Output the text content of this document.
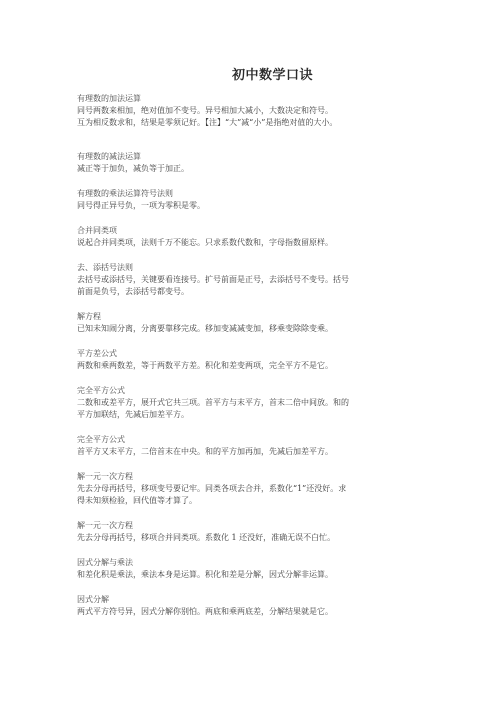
初中数学口诀
有理数的加法运算
同号两数来相加，绝对值加不变号。异号相加大减小，大数决定和符号。
互为相反数求和，结果是零须记好。【注】“大”减“小”是指绝对值的大小。
有理数的减法运算
减正等于加负，减负等于加正。
有理数的乘法运算符号法则
同号得正异号负，一项为零积是零。
合并同类项
说起合并同类项，法则千万不能忘。只求系数代数和，字母指数留原样。
去、添括号法则
去括号或添括号，关键要看连接号。扩号前面是正号，去添括号不变号。括号
前面是负号，去添括号都变号。
解方程
已知未知闹分离，分离要靠移完成。移加变减减变加，移乘变除除变乘。
平方差公式
两数和乘两数差，等于两数平方差。积化和差变两项，完全平方不是它。
完全平方公式
二数和或差平方，展开式它共三项。首平方与末平方，首末二倍中间放。和的
平方加联结，先减后加差平方。
完全平方公式
首平方又末平方，二倍首末在中央。和的平方加再加，先减后加差平方。
解一元一次方程
先去分母再括号，移项变号要记牢。同类各项去合并，系数化“1”还没好。求
得未知须检验，回代值等才算了。
解一元一次方程
先去分母再括号，移项合并同类项。系数化 1 还没好，准确无误不白忙。
因式分解与乘法
和差化积是乘法，乘法本身是运算。积化和差是分解，因式分解非运算。
因式分解
两式平方符号异，因式分解你别怕。两底和乘两底差，分解结果就是它。
